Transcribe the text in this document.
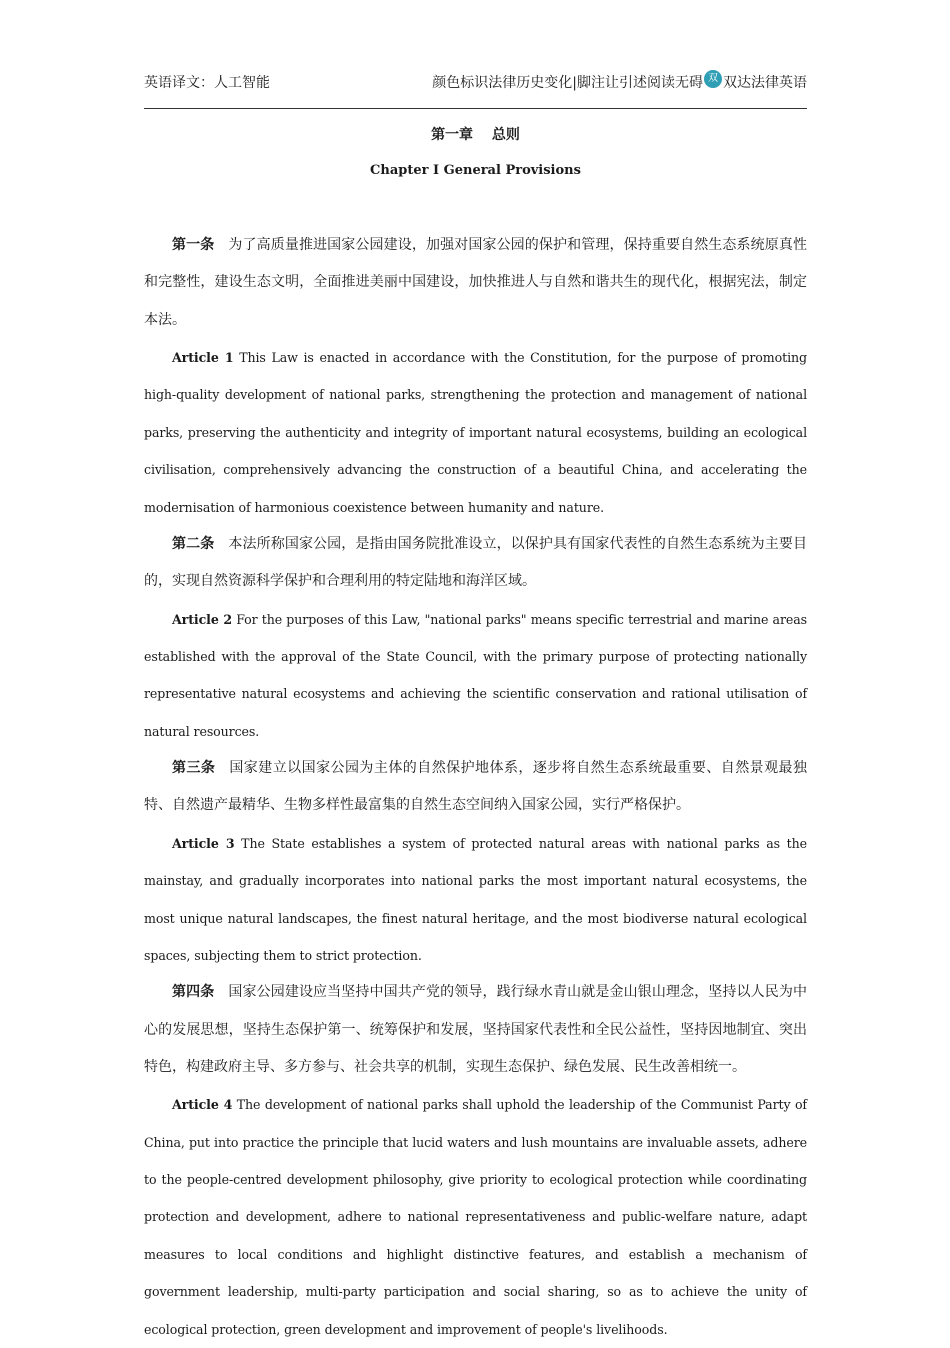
英语译文：人工智能	颜色标识法律历史变化|脚注让引述阅读无碍 双 双达法律英语
第一章　 总则
Chapter I General Provisions

第一条 为了高质量推进国家公园建设，加强对国家公园的保护和管理，保持重要自然生态系统原真性和完整性，建设生态文明，全面推进美丽中国建设，加快推进人与自然和谐共生的现代化，根据宪法，制定本法。

Article 1 This Law is enacted in accordance with the Constitution, for the purpose of promoting high-quality development of national parks, strengthening the protection and management of national parks, preserving the authenticity and integrity of important natural ecosystems, building an ecological civilisation, comprehensively advancing the construction of a beautiful China, and accelerating the modernisation of harmonious coexistence between humanity and nature.

第二条 本法所称国家公园，是指由国务院批准设立，以保护具有国家代表性的自然生态系统为主要目的，实现自然资源科学保护和合理利用的特定陆地和海洋区域。

Article 2 For the purposes of this Law, "national parks" means specific terrestrial and marine areas established with the approval of the State Council, with the primary purpose of protecting nationally representative natural ecosystems and achieving the scientific conservation and rational utilisation of natural resources.

第三条 国家建立以国家公园为主体的自然保护地体系，逐步将自然生态系统最重要、自然景观最独特、自然遗产最精华、生物多样性最富集的自然生态空间纳入国家公园，实行严格保护。

Article 3 The State establishes a system of protected natural areas with national parks as the mainstay, and gradually incorporates into national parks the most important natural ecosystems, the most unique natural landscapes, the finest natural heritage, and the most biodiverse natural ecological spaces, subjecting them to strict protection.

第四条 国家公园建设应当坚持中国共产党的领导，践行绿水青山就是金山银山理念，坚持以人民为中心的发展思想，坚持生态保护第一、统筹保护和发展，坚持国家代表性和全民公益性，坚持因地制宜、突出特色，构建政府主导、多方参与、社会共享的机制，实现生态保护、绿色发展、民生改善相统一。

Article 4 The development of national parks shall uphold the leadership of the Communist Party of China, put into practice the principle that lucid waters and lush mountains are invaluable assets, adhere to the people-centred development philosophy, give priority to ecological protection while coordinating protection and development, adhere to national representativeness and public-welfare nature, adapt measures to local conditions and highlight distinctive features, and establish a mechanism of government leadership, multi-party participation and social sharing, so as to achieve the unity of ecological protection, green development and improvement of people's livelihoods.
